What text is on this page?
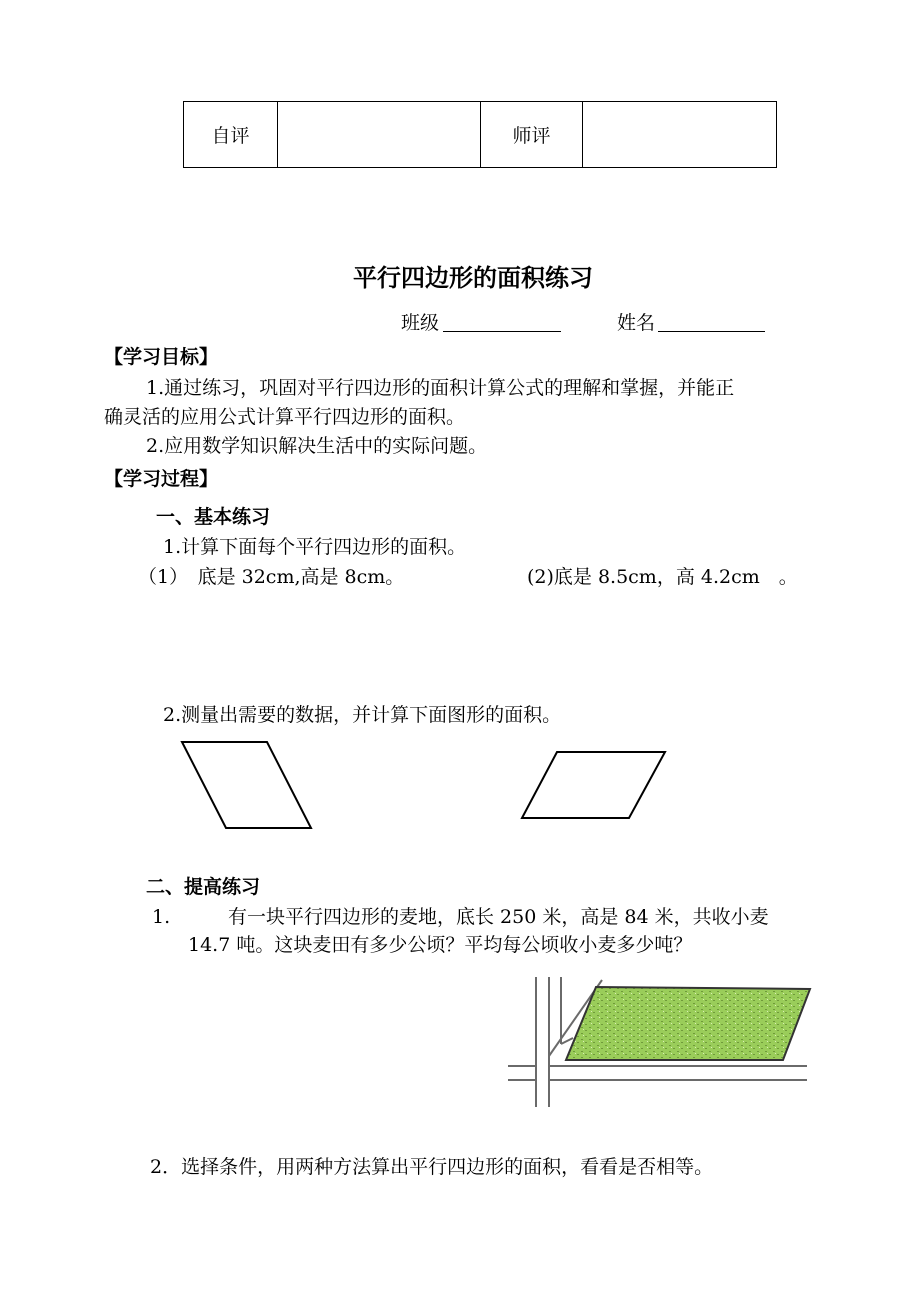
自评	师评
平行四边形的面积练习
班级	姓名
【学习目标】
1.通过练习，巩固对平行四边形的面积计算公式的理解和掌握，并能正
确灵活的应用公式计算平行四边形的面积。
2.应用数学知识解决生活中的实际问题。
【学习过程】
一、基本练习
1.计算下面每个平行四边形的面积。
（1）　底是 32cm,高是 8cm。	(2)底是 8.5cm，高 4.2cm　。
2.测量出需要的数据，并计算下面图形的面积。
二、提高练习
1.	有一块平行四边形的麦地，底长 250 米，高是 84 米，共收小麦
14.7 吨。这块麦田有多少公顷？平均每公顷收小麦多少吨？
2．选择条件，用两种方法算出平行四边形的面积，看看是否相等。
